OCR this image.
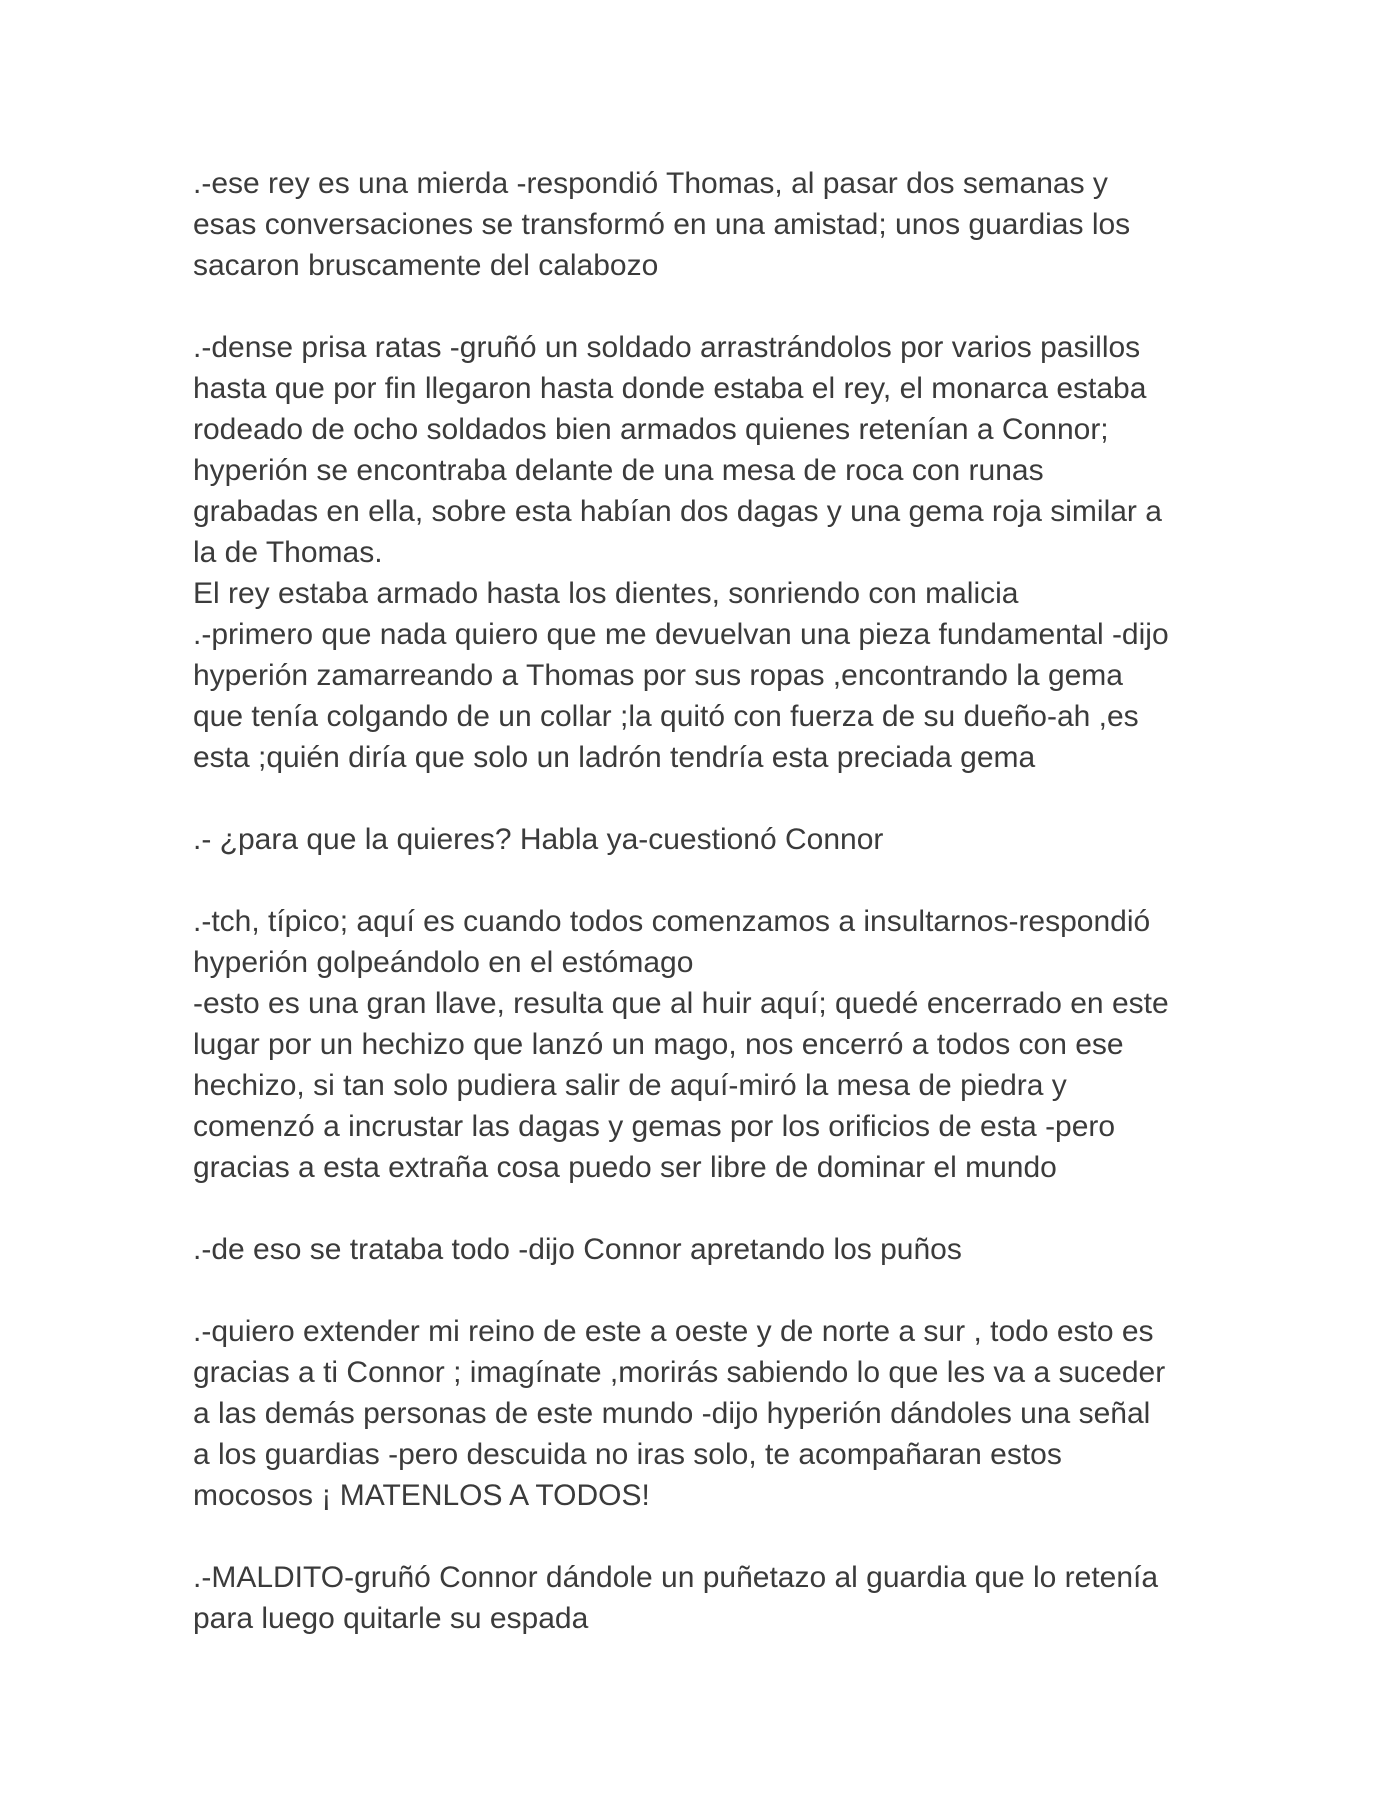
.-ese rey es una mierda -respondió Thomas, al pasar dos semanas y
esas conversaciones se transformó en una amistad; unos guardias los
sacaron bruscamente del calabozo
.-dense prisa ratas -gruñó un soldado arrastrándolos por varios pasillos
hasta que por fin llegaron hasta donde estaba el rey, el monarca estaba
rodeado de ocho soldados bien armados quienes retenían a Connor;
hyperión se encontraba delante de una mesa de roca con runas
grabadas en ella, sobre esta habían dos dagas y una gema roja similar a
la de Thomas.
El rey estaba armado hasta los dientes, sonriendo con malicia
.-primero que nada quiero que me devuelvan una pieza fundamental -dijo
hyperión zamarreando a Thomas por sus ropas ,encontrando la gema
que tenía colgando de un collar ;la quitó con fuerza de su dueño-ah ,es
esta ;quién diría que solo un ladrón tendría esta preciada gema
.- ¿para que la quieres? Habla ya-cuestionó Connor
.-tch, típico; aquí es cuando todos comenzamos a insultarnos-respondió
hyperión golpeándolo en el estómago
-esto es una gran llave, resulta que al huir aquí; quedé encerrado en este
lugar por un hechizo que lanzó un mago, nos encerró a todos con ese
hechizo, si tan solo pudiera salir de aquí-miró la mesa de piedra y
comenzó a incrustar las dagas y gemas por los orificios de esta -pero
gracias a esta extraña cosa puedo ser libre de dominar el mundo
.-de eso se trataba todo -dijo Connor apretando los puños
.-quiero extender mi reino de este a oeste y de norte a sur , todo esto es
gracias a ti Connor ; imagínate ,morirás sabiendo lo que les va a suceder
a las demás personas de este mundo -dijo hyperión dándoles una señal
a los guardias -pero descuida no iras solo, te acompañaran estos
mocosos ¡ MATENLOS A TODOS!
.-MALDITO-gruñó Connor dándole un puñetazo al guardia que lo retenía
para luego quitarle su espada
